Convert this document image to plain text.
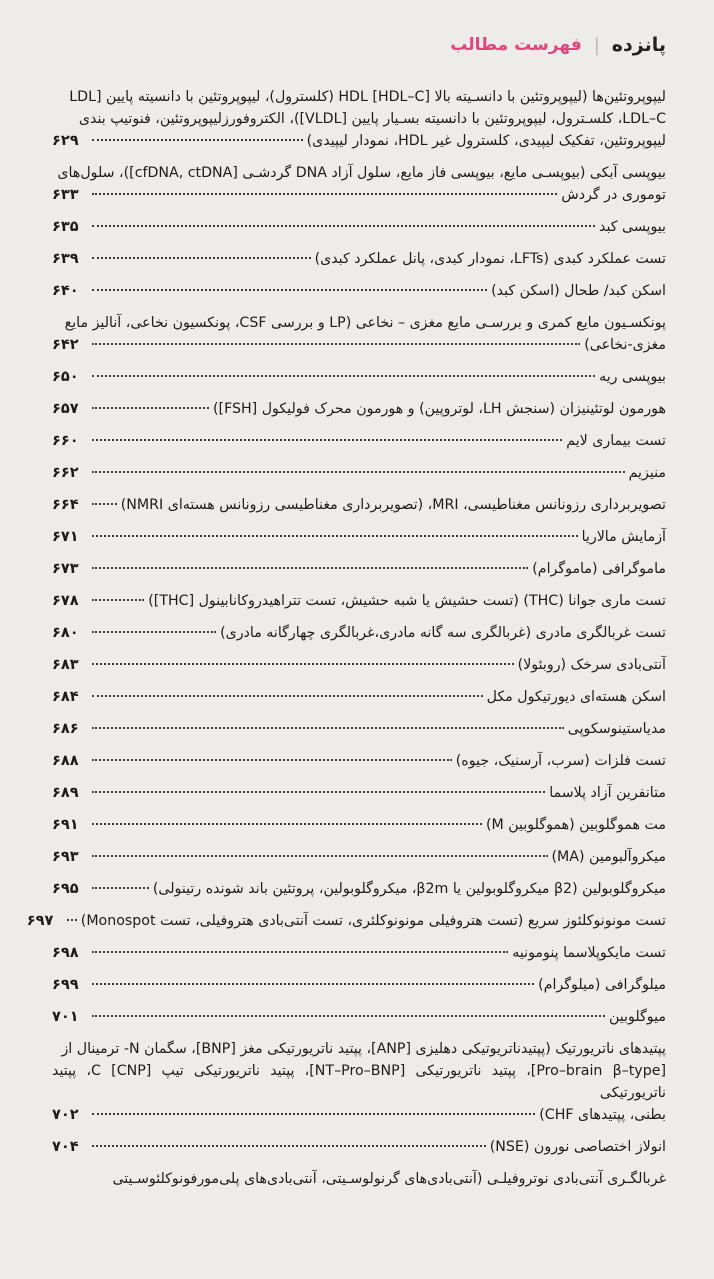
پانزده
|
فهرست مطالب
لیپوپروتئین‌ها (لیپوپروتئین با دانسـیته بالا [HDL–C] HDL (کلسترول)، لیپوپروتئین با دانسیته پایین [LDL
LDL–C، کلسـترول، لیپوپروتئین با دانسیته بسـیار پایین [VLDL])، الکتروفورزلیپوپروتئین، فنوتیپ بندی
لیپوپروتئین، تفکیک لیپیدی، کلسترول غیر HDL، نمودار لیپیدی)
۶۲۹
بیوپسی آبکی (بیوپسـی مایع، بیوپسی فاز مایع، سلول آزاد DNA گردشـی [cfDNA, ctDNA])، سلول‌های
توموری در گردش
۶۳۳
بیوپسی کبد
۶۳۵
تست عملکرد کبدی (LFTs، نمودار کبدی، پانل عملکرد کبدی)
۶۳۹
اسکن کبد/ طحال (اسکن کبد)
۶۴۰
پونکسـیون مایع کمری و بررسـی مایع مغزی – نخاعی (LP و بررسی CSF، پونکسیون نخاعی، آنالیز مایع
مغزی-نخاعی)
۶۴۲
بیوپسی ریه
۶۵۰
هورمون لوتئینیزان (سنجش LH، لوتروپین) و هورمون محرک فولیکول [FSH])
۶۵۷
تست بیماری لایم
۶۶۰
منیزیم
۶۶۲
تصویربرداری رزونانس مغناطیسی، MRI، (تصویربرداری مغناطیسی رزونانس هسته‌ای NMRI)
۶۶۴
آزمایش مالاریا
۶۷۱
ماموگرافی (ماموگرام)
۶۷۳
تست ماری جوانا (THC) (تست حشیش یا شبه حشیش، تست تتراهیدروکانابینول [THC])
۶۷۸
تست غربالگری مادری (غربالگری سه گانه مادری،غربالگری چهارگانه مادری)
۶۸۰
آنتی‌بادی سرخک (روبئولا)
۶۸۳
اسکن هسته‌ای دیورتیکول مکل
۶۸۴
مدیاستینوسکوپی
۶۸۶
تست فلزات (سرب، آرسنیک، جیوه)
۶۸۸
متانفرین آزاد پلاسما
۶۸۹
مت هموگلوبین (هموگلوبین M)
۶۹۱
میکروآلبومین (MA)
۶۹۳
میکروگلوبولین (β2 میکروگلوبولین یا β2m، میکروگلوبولین، پروتئین باند شونده رتینولی)
۶۹۵
تست مونونوکلئوز سریع (تست هتروفیلی مونونوکلئری، تست آنتی‌بادی هتروفیلی، تست Monospot)
۶۹۷
تست مایکوپلاسما پنومونیه
۶۹۸
میلوگرافی (میلوگرام)
۶۹۹
میوگلوبین
۷۰۱
پپتیدهای ناتریورتیک (پپتیدناتریوتیکی دهلیزی [ANP]، پپتید ناتریورتیکی مغز [BNP]، سگمان N- ترمینال از
[Pro–brain β–type]، پپتید ناتریورتیکی [NT–Pro–BNP]، پپتید ناتریورتیکی تیپ C [CNP]، پپتید ناتریورتیکی
بطنی، پپتیدهای CHF)
۷۰۲
انولاز اختصاصی نورون (NSE)
۷۰۴
غربالگـری آنتی‌بادی نوتروفیلـی (آنتی‌بادی‌های گرنولوسـیتی، آنتی‌بادی‌های پلی‌مورفونوکلئوسـیتی
